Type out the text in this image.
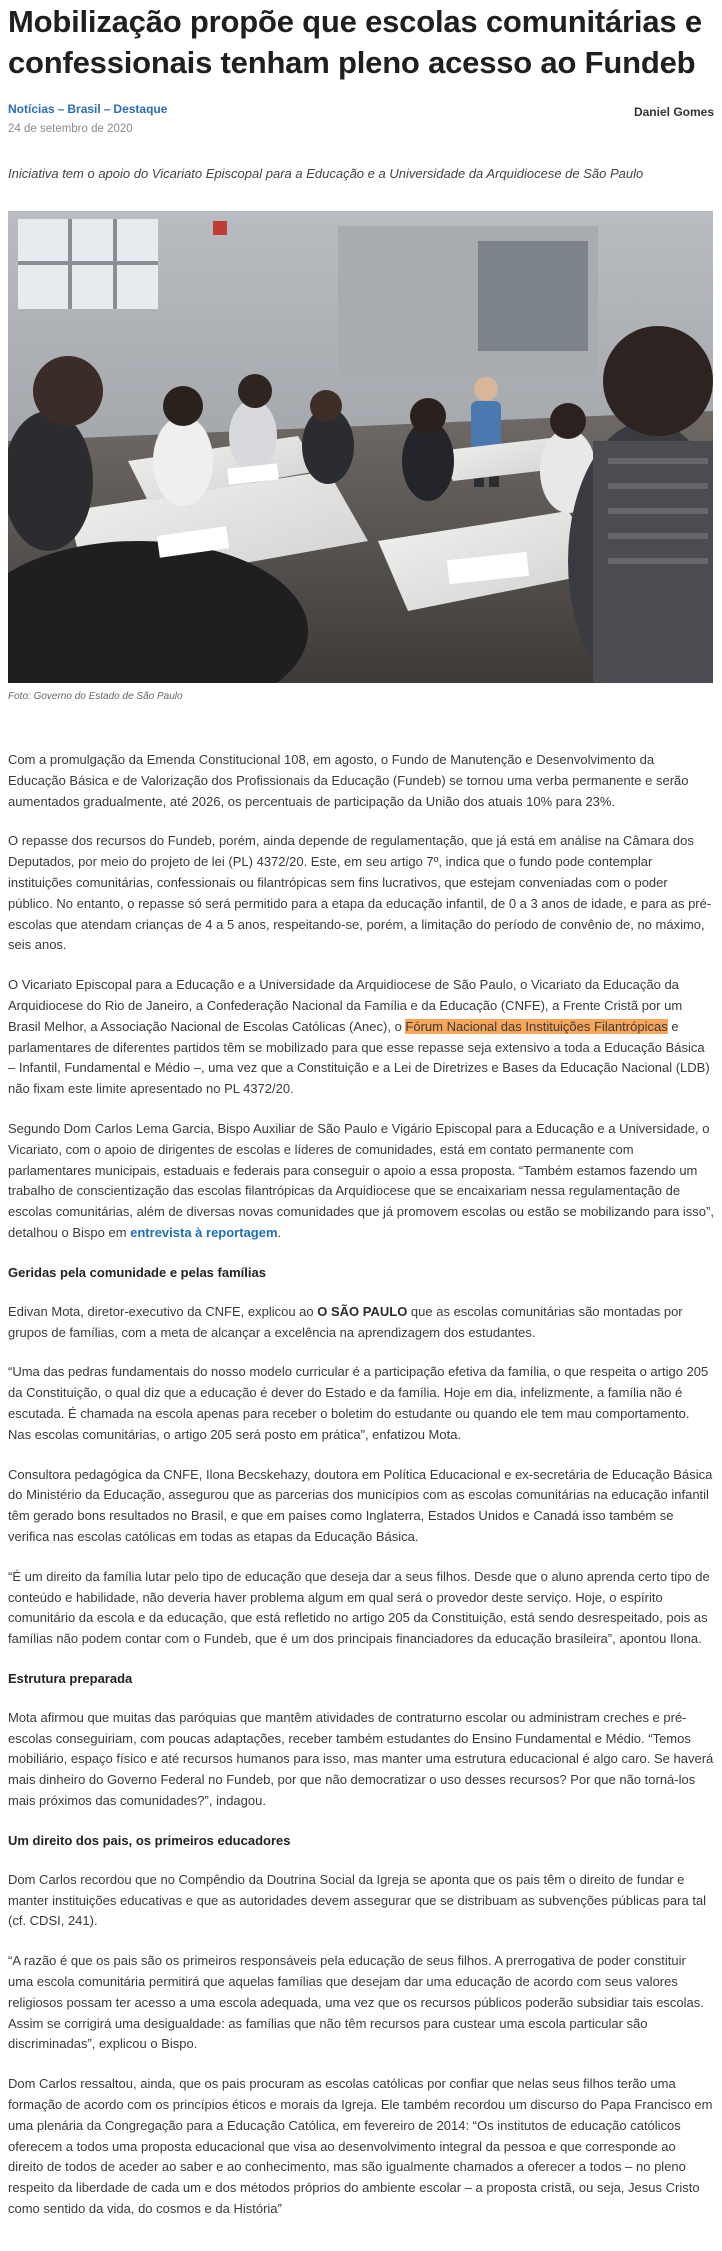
Mobilização propõe que escolas comunitárias e confessionais tenham pleno acesso ao Fundeb
Notícias – Brasil – Destaque
24 de setembro de 2020
Daniel Gomes

Iniciativa tem o apoio do Vicariato Episcopal para a Educação e a Universidade da Arquidiocese de São Paulo

Foto: Governo do Estado de São Paulo

Com a promulgação da Emenda Constitucional 108, em agosto, o Fundo de Manutenção e Desenvolvimento da Educação Básica e de Valorização dos Profissionais da Educação (Fundeb) se tornou uma verba permanente e serão aumentados gradualmente, até 2026, os percentuais de participação da União dos atuais 10% para 23%.

O repasse dos recursos do Fundeb, porém, ainda depende de regulamentação, que já está em análise na Câmara dos Deputados, por meio do projeto de lei (PL) 4372/20. Este, em seu artigo 7º, indica que o fundo pode contemplar instituições comunitárias, confessionais ou filantrópicas sem fins lucrativos, que estejam conveniadas com o poder público. No entanto, o repasse só será permitido para a etapa da educação infantil, de 0 a 3 anos de idade, e para as pré-escolas que atendam crianças de 4 a 5 anos, respeitando-se, porém, a limitação do período de convênio de, no máximo, seis anos.

O Vicariato Episcopal para a Educação e a Universidade da Arquidiocese de São Paulo, o Vicariato da Educação da Arquidiocese do Rio de Janeiro, a Confederação Nacional da Família e da Educação (CNFE), a Frente Cristã por um Brasil Melhor, a Associação Nacional de Escolas Católicas (Anec), o Fórum Nacional das Instituições Filantrópicas e parlamentares de diferentes partidos têm se mobilizado para que esse repasse seja extensivo a toda a Educação Básica – Infantil, Fundamental e Médio –, uma vez que a Constituição e a Lei de Diretrizes e Bases da Educação Nacional (LDB) não fixam este limite apresentado no PL 4372/20.

Segundo Dom Carlos Lema Garcia, Bispo Auxiliar de São Paulo e Vigário Episcopal para a Educação e a Universidade, o Vicariato, com o apoio de dirigentes de escolas e líderes de comunidades, está em contato permanente com parlamentares municipais, estaduais e federais para conseguir o apoio a essa proposta. “Também estamos fazendo um trabalho de conscientização das escolas filantrópicas da Arquidiocese que se encaixariam nessa regulamentação de escolas comunitárias, além de diversas novas comunidades que já promovem escolas ou estão se mobilizando para isso”, detalhou o Bispo em entrevista à reportagem.

Geridas pela comunidade e pelas famílias

Edivan Mota, diretor-executivo da CNFE, explicou ao O SÃO PAULO que as escolas comunitárias são montadas por grupos de famílias, com a meta de alcançar a excelência na aprendizagem dos estudantes.

“Uma das pedras fundamentais do nosso modelo curricular é a participação efetiva da família, o que respeita o artigo 205 da Constituição, o qual diz que a educação é dever do Estado e da família. Hoje em dia, infelizmente, a família não é escutada. É chamada na escola apenas para receber o boletim do estudante ou quando ele tem mau comportamento. Nas escolas comunitárias, o artigo 205 será posto em prática”, enfatizou Mota.

Consultora pedagógica da CNFE, Ilona Becskehazy, doutora em Política Educacional e ex-secretária de Educação Básica do Ministério da Educação, assegurou que as parcerias dos municípios com as escolas comunitárias na educação infantil têm gerado bons resultados no Brasil, e que em países como Inglaterra, Estados Unidos e Canadá isso também se verifica nas escolas católicas em todas as etapas da Educação Básica.

“É um direito da família lutar pelo tipo de educação que deseja dar a seus filhos. Desde que o aluno aprenda certo tipo de conteúdo e habilidade, não deveria haver problema algum em qual será o provedor deste serviço. Hoje, o espírito comunitário da escola e da educação, que está refletido no artigo 205 da Constituição, está sendo desrespeitado, pois as famílias não podem contar com o Fundeb, que é um dos principais financiadores da educação brasileira”, apontou Ilona.

Estrutura preparada

Mota afirmou que muitas das paróquias que mantêm atividades de contraturno escolar ou administram creches e pré-escolas conseguiriam, com poucas adaptações, receber também estudantes do Ensino Fundamental e Médio. “Temos mobiliário, espaço físico e até recursos humanos para isso, mas manter uma estrutura educacional é algo caro. Se haverá mais dinheiro do Governo Federal no Fundeb, por que não democratizar o uso desses recursos? Por que não torná-los mais próximos das comunidades?”, indagou.

Um direito dos pais, os primeiros educadores

Dom Carlos recordou que no Compêndio da Doutrina Social da Igreja se aponta que os pais têm o direito de fundar e manter instituições educativas e que as autoridades devem assegurar que se distribuam as subvenções públicas para tal (cf. CDSI, 241).

“A razão é que os pais são os primeiros responsáveis pela educação de seus filhos. A prerrogativa de poder constituir uma escola comunitária permitirá que aquelas famílias que desejam dar uma educação de acordo com seus valores religiosos possam ter acesso a uma escola adequada, uma vez que os recursos públicos poderão subsidiar tais escolas. Assim se corrigirá uma desigualdade: as famílias que não têm recursos para custear uma escola particular são discriminadas”, explicou o Bispo.

Dom Carlos ressaltou, ainda, que os pais procuram as escolas católicas por confiar que nelas seus filhos terão uma formação de acordo com os princípios éticos e morais da Igreja. Ele também recordou um discurso do Papa Francisco em uma plenária da Congregação para a Educação Católica, em fevereiro de 2014: “Os institutos de educação católicos oferecem a todos uma proposta educacional que visa ao desenvolvimento integral da pessoa e que corresponde ao direito de todos de aceder ao saber e ao conhecimento, mas são igualmente chamados a oferecer a todos – no pleno respeito da liberdade de cada um e dos métodos próprios do ambiente escolar – a proposta cristã, ou seja, Jesus Cristo como sentido da vida, do cosmos e da História”
